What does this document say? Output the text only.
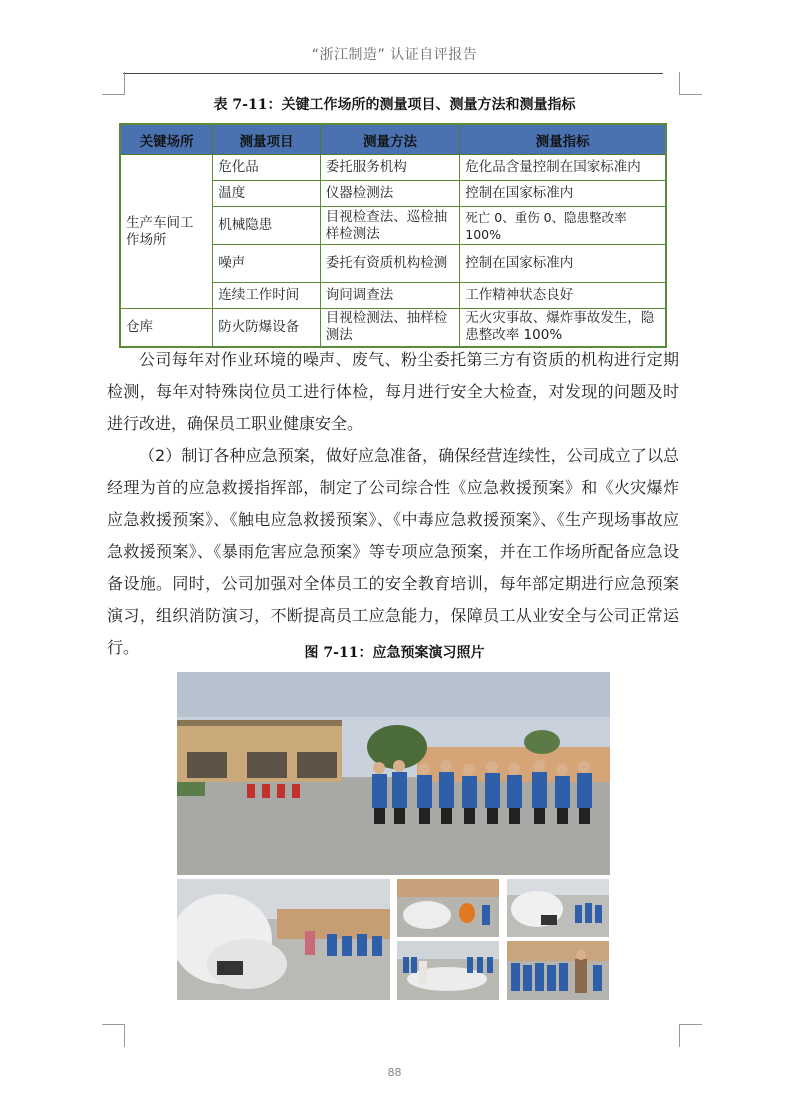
“浙江制造” 认证自评报告
表 7-11：关键工作场所的测量项目、测量方法和测量指标
关键场所	测量项目	测量方法	测量指标
生产车间工作场所	危化品	委托服务机构	危化品含量控制在国家标准内
	温度	仪器检测法	控制在国家标准内
	机械隐患	目视检查法、巡检抽样检测法	死亡 0、重伤 0、隐患整改率 100%
	噪声	委托有资质机构检测	控制在国家标准内
	连续工作时间	询问调查法	工作精神状态良好
仓库	防火防爆设备	目视检测法、抽样检测法	无火灾事故、爆炸事故发生，隐患整改率 100%
公司每年对作业环境的噪声、废气、粉尘委托第三方有资质的机构进行定期检测，每年对特殊岗位员工进行体检，每月进行安全大检查，对发现的问题及时进行改进，确保员工职业健康安全。
（2）制订各种应急预案，做好应急准备，确保经营连续性，公司成立了以总经理为首的应急救援指挥部，制定了公司综合性《应急救援预案》和《火灾爆炸应急救援预案》、《触电应急救援预案》、《中毒应急救援预案》、《生产现场事故应急救援预案》、《暴雨危害应急预案》等专项应急预案，并在工作场所配备应急设备设施。同时，公司加强对全体员工的安全教育培训，每年部定期进行应急预案演习，组织消防演习，不断提高员工应急能力，保障员工从业安全与公司正常运行。	图 7-11：应急预案演习照片
88
